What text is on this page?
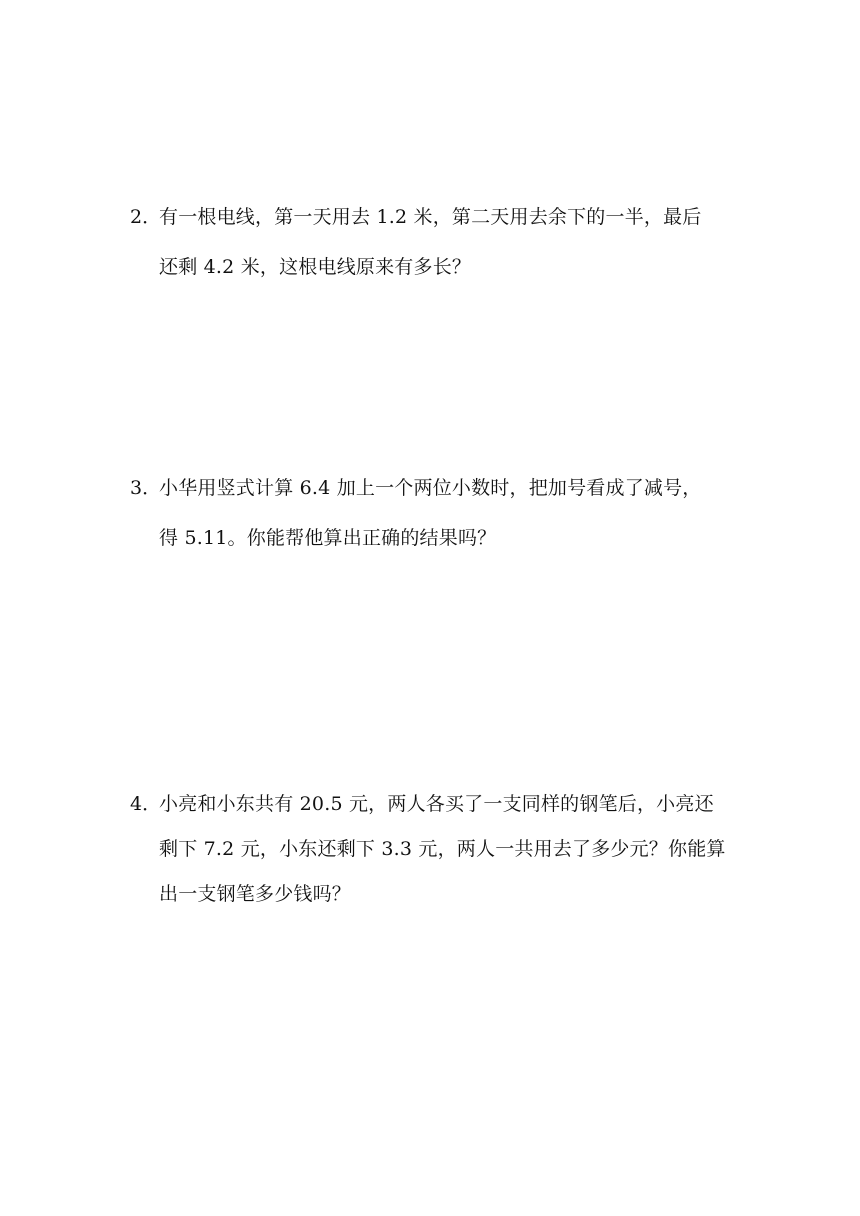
2．
有一根电线，第一天用去 1.2 米，第二天用去余下的一半，最后
还剩 4.2 米，这根电线原来有多长？
3．
小华用竖式计算 6.4 加上一个两位小数时，把加号看成了减号，
得 5.11。你能帮他算出正确的结果吗？
4．
小亮和小东共有 20.5 元，两人各买了一支同样的钢笔后，小亮还
剩下 7.2 元，小东还剩下 3.3 元，两人一共用去了多少元？你能算
出一支钢笔多少钱吗？
